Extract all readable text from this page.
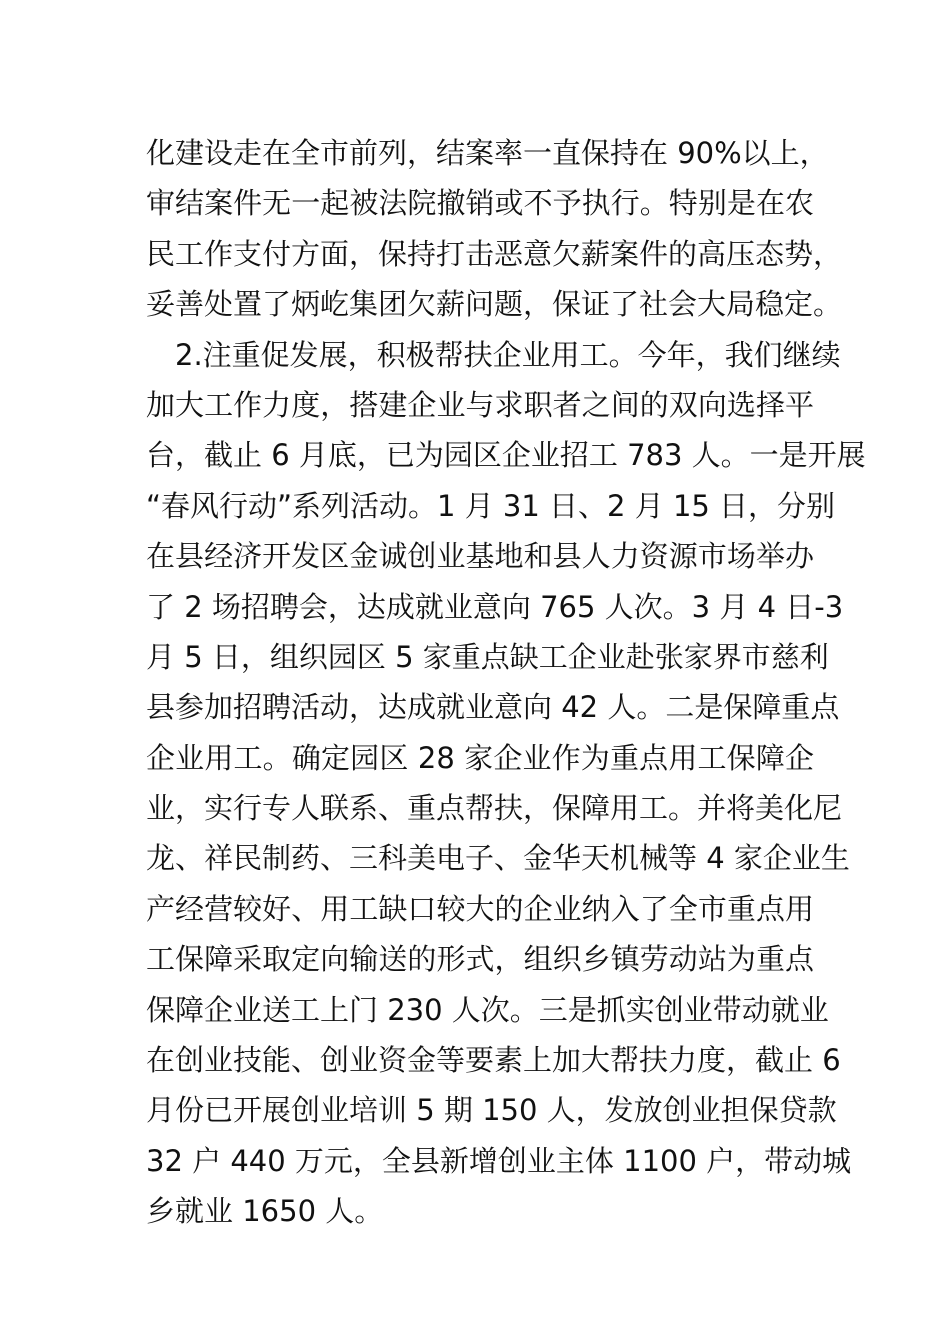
化建设走在全市前列，结案率一直保持在 90%以上，
审结案件无一起被法院撤销或不予执行。特别是在农
民工作支付方面，保持打击恶意欠薪案件的高压态势，
妥善处置了炳屹集团欠薪问题，保证了社会大局稳定。
　2.注重促发展，积极帮扶企业用工。今年，我们继续
加大工作力度，搭建企业与求职者之间的双向选择平
台，截止 6 月底，已为园区企业招工 783 人。一是开展
“春风行动”系列活动。1 月 31 日、2 月 15 日，分别
在县经济开发区金诚创业基地和县人力资源市场举办
了 2 场招聘会，达成就业意向 765 人次。3 月 4 日-3
月 5 日，组织园区 5 家重点缺工企业赴张家界市慈利
县参加招聘活动，达成就业意向 42 人。二是保障重点
企业用工。确定园区 28 家企业作为重点用工保障企
业，实行专人联系、重点帮扶，保障用工。并将美化尼
龙、祥民制药、三科美电子、金华天机械等 4 家企业生
产经营较好、用工缺口较大的企业纳入了全市重点用
工保障采取定向输送的形式，组织乡镇劳动站为重点
保障企业送工上门 230 人次。三是抓实创业带动就业
在创业技能、创业资金等要素上加大帮扶力度，截止 6
月份已开展创业培训 5 期 150 人，发放创业担保贷款
32 户 440 万元，全县新增创业主体 1100 户，带动城
乡就业 1650 人。
